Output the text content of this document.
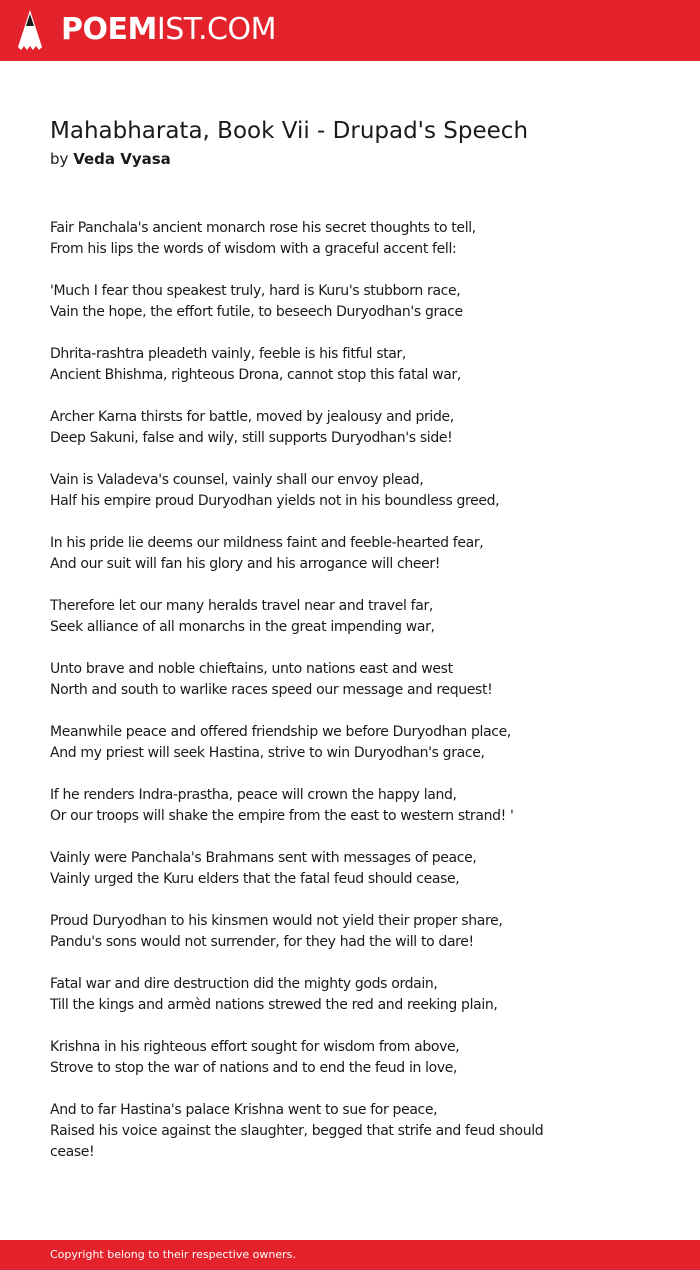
POEMIST.COM
Mahabharata, Book Vii - Drupad's Speech
by Veda Vyasa

Fair Panchala's ancient monarch rose his secret thoughts to tell,
From his lips the words of wisdom with a graceful accent fell:

'Much I fear thou speakest truly, hard is Kuru's stubborn race,
Vain the hope, the effort futile, to beseech Duryodhan's grace

Dhrita-rashtra pleadeth vainly, feeble is his fitful star,
Ancient Bhishma, righteous Drona, cannot stop this fatal war,

Archer Karna thirsts for battle, moved by jealousy and pride,
Deep Sakuni, false and wily, still supports Duryodhan's side!

Vain is Valadeva's counsel, vainly shall our envoy plead,
Half his empire proud Duryodhan yields not in his boundless greed,

In his pride lie deems our mildness faint and feeble-hearted fear,
And our suit will fan his glory and his arrogance will cheer!

Therefore let our many heralds travel near and travel far,
Seek alliance of all monarchs in the great impending war,

Unto brave and noble chieftains, unto nations east and west
North and south to warlike races speed our message and request!

Meanwhile peace and offered friendship we before Duryodhan place,
And my priest will seek Hastina, strive to win Duryodhan's grace,

If he renders Indra-prastha, peace will crown the happy land,
Or our troops will shake the empire from the east to western strand! '

Vainly were Panchala's Brahmans sent with messages of peace,
Vainly urged the Kuru elders that the fatal feud should cease,

Proud Duryodhan to his kinsmen would not yield their proper share,
Pandu's sons would not surrender, for they had the will to dare!

Fatal war and dire destruction did the mighty gods ordain,
Till the kings and armèd nations strewed the red and reeking plain,

Krishna in his righteous effort sought for wisdom from above,
Strove to stop the war of nations and to end the feud in love,

And to far Hastina's palace Krishna went to sue for peace,
Raised his voice against the slaughter, begged that strife and feud should
cease!

Copyright belong to their respective owners.
